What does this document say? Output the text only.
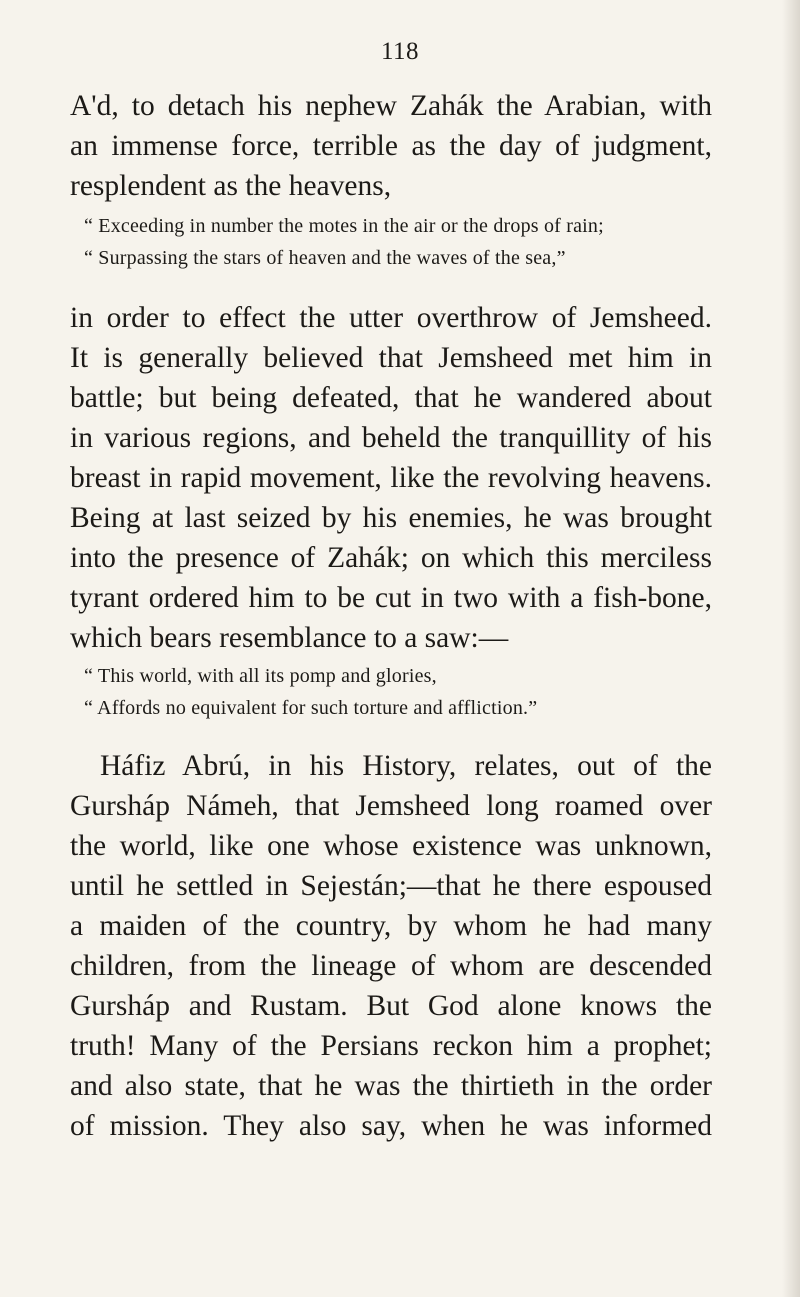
118
A'd, to detach his nephew Zahák the Arabian, with
an immense force, terrible as the day of judgment,
resplendent as the heavens,
“ Exceeding in number the motes in the air or the drops of rain;
“ Surpassing the stars of heaven and the waves of the sea,”
in order to effect the utter overthrow of Jemsheed.
It is generally believed that Jemsheed met him in
battle; but being defeated, that he wandered about
in various regions, and beheld the tranquillity of his
breast in rapid movement, like the revolving heavens.
Being at last seized by his enemies, he was brought
into the presence of Zahák; on which this merciless
tyrant ordered him to be cut in two with a fish-bone,
which bears resemblance to a saw:—
“ This world, with all its pomp and glories,
“ Affords no equivalent for such torture and affliction.”
Háfiz Abrú, in his History, relates, out of the
Gursháp Námeh, that Jemsheed long roamed over
the world, like one whose existence was unknown,
until he settled in Sejestán;—that he there espoused
a maiden of the country, by whom he had many
children, from the lineage of whom are descended
Gursháp and Rustam. But God alone knows the
truth! Many of the Persians reckon him a prophet;
and also state, that he was the thirtieth in the order
of mission. They also say, when he was informed
